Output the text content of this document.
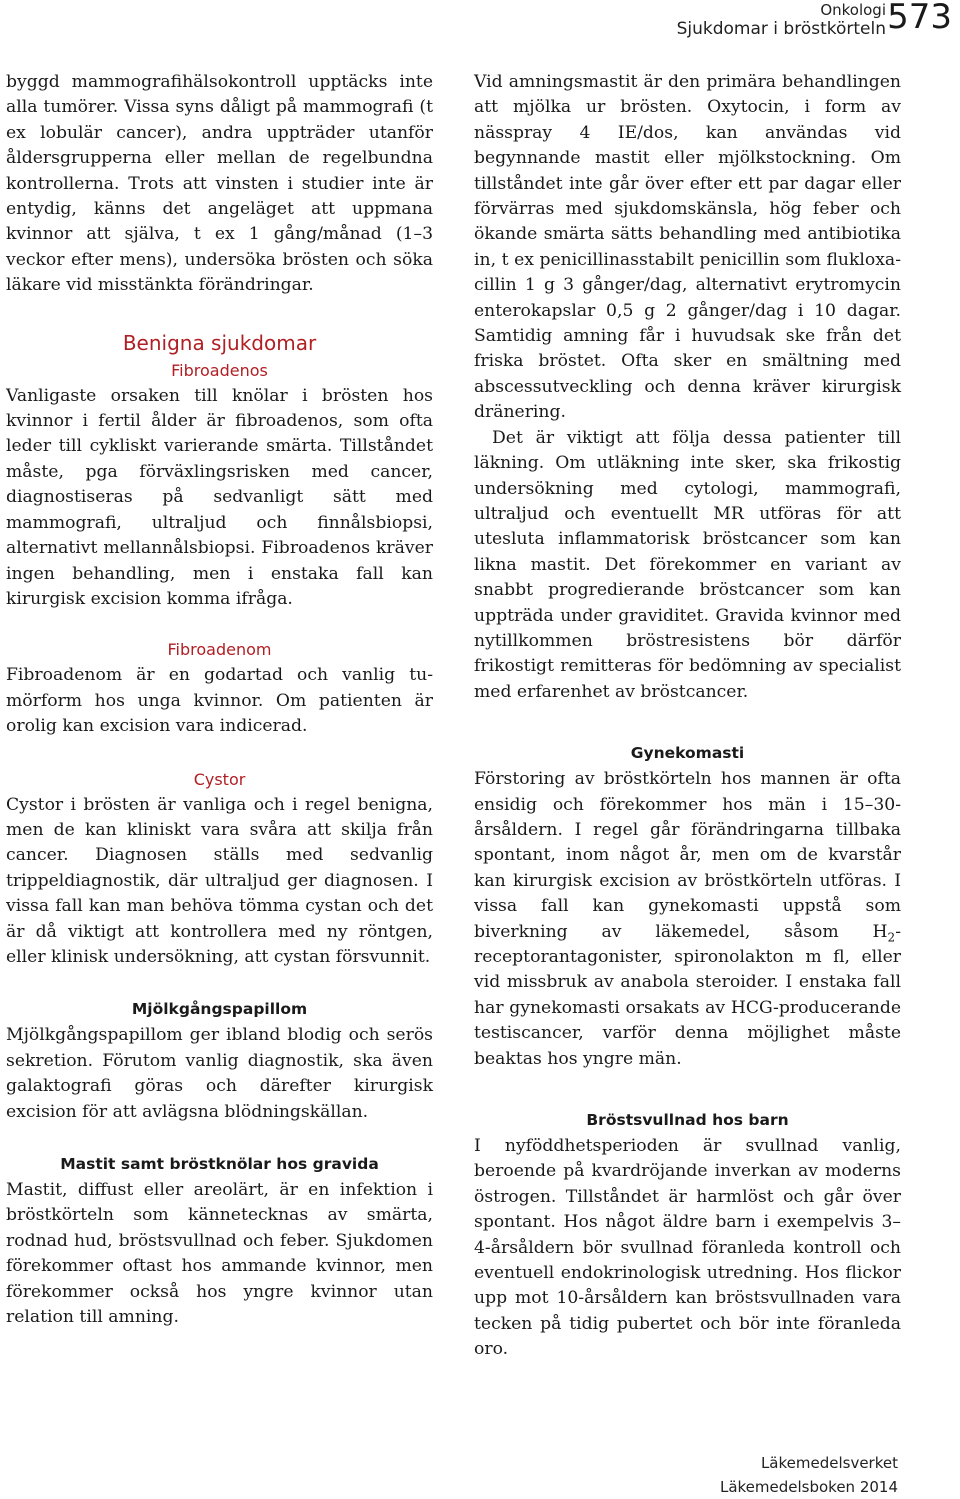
Onkologi
Sjukdomar i bröstkörteln 573

byggd mammografihälsokontroll upptäcks inte alla tumörer. Vissa syns dåligt på mammografi (t ex lobulär cancer), andra uppträder utanför åldersgrupperna eller mellan de regelbundna kontrollerna. Trots att vinsten i studier inte är entydig, känns det angeläget att uppmana kvinnor att själva, t ex 1 gång/månad (1–3 veckor efter mens), undersöka brösten och söka läkare vid misstänkta förändringar.

Benigna sjukdomar
Fibroadenos

Vanligaste orsaken till knölar i brösten hos kvinnor i fertil ålder är fibroadenos, som ofta leder till cykliskt varierande smärta. Tillståndet måste, pga förväxlingsrisken med cancer, diagnostiseras på sedvanligt sätt med mammografi, ultraljud och finnålsbiopsi, alternativt mellannålsbiopsi. Fibroadenos kräver ingen behandling, men i enstaka fall kan kirurgisk excision komma ifråga.

Fibroadenom

Fibroadenom är en godartad och vanlig tumörform hos unga kvinnor. Om patienten är orolig kan excision vara indicerad.

Cystor

Cystor i brösten är vanliga och i regel benigna, men de kan kliniskt vara svåra att skilja från cancer. Diagnosen ställs med sedvanlig trippeldiagnostik, där ultraljud ger diagnosen. I vissa fall kan man behöva tömma cystan och det är då viktigt att kontrollera med ny röntgen, eller klinisk undersökning, att cystan försvunnit.

Mjölkgångspapillom

Mjölkgångspapillom ger ibland blodig och serös sekretion. Förutom vanlig diagnostik, ska även galaktografi göras och därefter kirurgisk excision för att avlägsna blödningskällan.

Mastit samt bröstknölar hos gravida

Mastit, diffust eller areolärt, är en infektion i bröstkörteln som kännetecknas av smärta, rodnad hud, bröstsvullnad och feber. Sjukdomen förekommer oftast hos ammande kvinnor, men förekommer också hos yngre kvinnor utan relation till amning.

Vid amningsmastit är den primära behandlingen att mjölka ur brösten. Oxytocin, i form av nässpray 4 IE/dos, kan användas vid begynnande mastit eller mjölkstockning. Om tillståndet inte går över efter ett par dagar eller förvärras med sjukdomskänsla, hög feber och ökande smärta sätts behandling med antibiotika in, t ex penicillinasstabilt penicillin som flukloxacillin 1 g 3 gånger/dag, alternativt erytromycin enterokapslar 0,5 g 2 gånger/dag i 10 dagar. Samtidig amning får i huvudsak ske från det friska bröstet. Ofta sker en smältning med abscessutveckling och denna kräver kirurgisk dränering.

Det är viktigt att följa dessa patienter till läkning. Om utläkning inte sker, ska frikostig undersökning med cytologi, mammografi, ultraljud och eventuellt MR utföras för att utesluta inflammatorisk bröstcancer som kan likna mastit. Det förekommer en variant av snabbt progredierande bröstcancer som kan uppträda under graviditet. Gravida kvinnor med nytillkommen bröstresistens bör därför frikostigt remitteras för bedömning av specialist med erfarenhet av bröstcancer.

Gynekomasti

Förstoring av bröstkörteln hos mannen är ofta ensidig och förekommer hos män i 15–30-årsåldern. I regel går förändringarna tillbaka spontant, inom något år, men om de kvarstår kan kirurgisk excision av bröstkörteln utföras. I vissa fall kan gynekomasti uppstå som biverkning av läkemedel, såsom $H_2$-receptorantagonister, spironolakton m fl, eller vid missbruk av anabola steroider. I enstaka fall har gynekomasti orsakats av HCG-producerande testiscancer, varför denna möjlighet måste beaktas hos yngre män.

Bröstsvullnad hos barn

I nyföddhetsperioden är svullnad vanlig, beroende på kvardröjande inverkan av moderns östrogen. Tillståndet är harmlöst och går över spontant. Hos något äldre barn i exempelvis 3–4-årsåldern bör svullnad föranleda kontroll och eventuell endokrinologisk utredning. Hos flickor upp mot 10-årsåldern kan bröstsvullnaden vara tecken på tidig pubertet och bör inte föranleda oro.

Läkemedelsverket
Läkemedelsboken 2014
